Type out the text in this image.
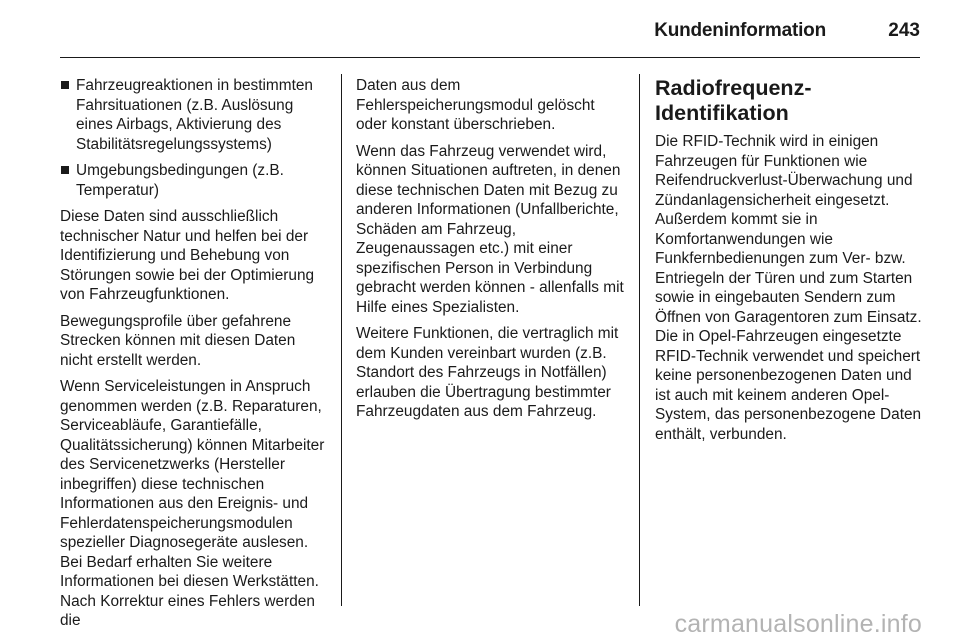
Kundeninformation	243
Fahrzeugreaktionen in bestimmten Fahrsituationen (z.B. Auslösung eines Airbags, Aktivierung des Stabilitätsregelungssystems)
Umgebungsbedingungen (z.B. Temperatur)

Diese Daten sind ausschließlich technischer Natur und helfen bei der Identifizierung und Behebung von Störungen sowie bei der Optimierung von Fahrzeugfunktionen.

Bewegungsprofile über gefahrene Strecken können mit diesen Daten nicht erstellt werden.

Wenn Serviceleistungen in Anspruch genommen werden (z.B. Reparaturen, Serviceabläufe, Garantiefälle, Qualitätssicherung) können Mitarbeiter des Servicenetzwerks (Hersteller inbegriffen) diese technischen Informationen aus den Ereignis- und Fehlerdatenspeicherungsmodulen spezieller Diagnosegeräte auslesen. Bei Bedarf erhalten Sie weitere Informationen bei diesen Werkstätten. Nach Korrektur eines Fehlers werden die

Daten aus dem Fehlerspeicherungsmodul gelöscht oder konstant überschrieben.

Wenn das Fahrzeug verwendet wird, können Situationen auftreten, in denen diese technischen Daten mit Bezug zu anderen Informationen (Unfallberichte, Schäden am Fahrzeug, Zeugenaussagen etc.) mit einer spezifischen Person in Verbindung gebracht werden können - allenfalls mit Hilfe eines Spezialisten.

Weitere Funktionen, die vertraglich mit dem Kunden vereinbart wurden (z.B. Standort des Fahrzeugs in Notfällen) erlauben die Übertragung bestimmter Fahrzeugdaten aus dem Fahrzeug.

Radiofrequenz-Identifikation

Die RFID-Technik wird in einigen Fahrzeugen für Funktionen wie Reifendruckverlust-Überwachung und Zündanlagensicherheit eingesetzt. Außerdem kommt sie in Komfortanwendungen wie Funkfernbedienungen zum Ver- bzw. Entriegeln der Türen und zum Starten sowie in eingebauten Sendern zum Öffnen von Garagentoren zum Einsatz. Die in Opel-Fahrzeugen eingesetzte RFID-Technik verwendet und speichert keine personenbezogenen Daten und ist auch mit keinem anderen Opel-System, das personenbezogene Daten enthält, verbunden.

carmanualsonline.info
